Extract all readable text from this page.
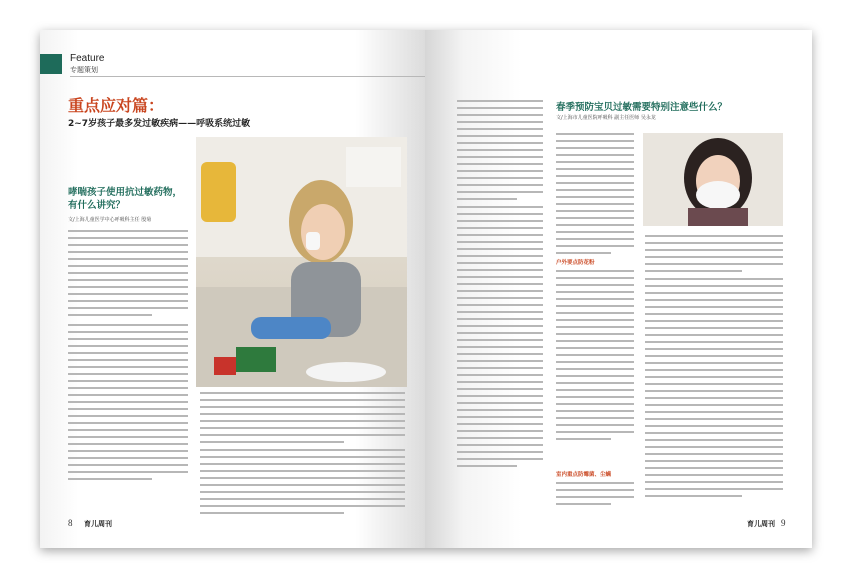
Feature
专题策划
重点应对篇：
2~7岁孩子最多发过敏疾病——呼吸系统过敏
哮喘孩子使用抗过敏药物，有什么讲究？
文/上海儿童医学中心呼吸科主任 殷菊
8 育儿周刊
春季预防宝贝过敏需要特别注意些什么？
文/上海市儿童医院呼吸科 副主任医师 吴永龙
户外要点防花粉
室内重点防霉菌、尘螨
育儿周刊 9
